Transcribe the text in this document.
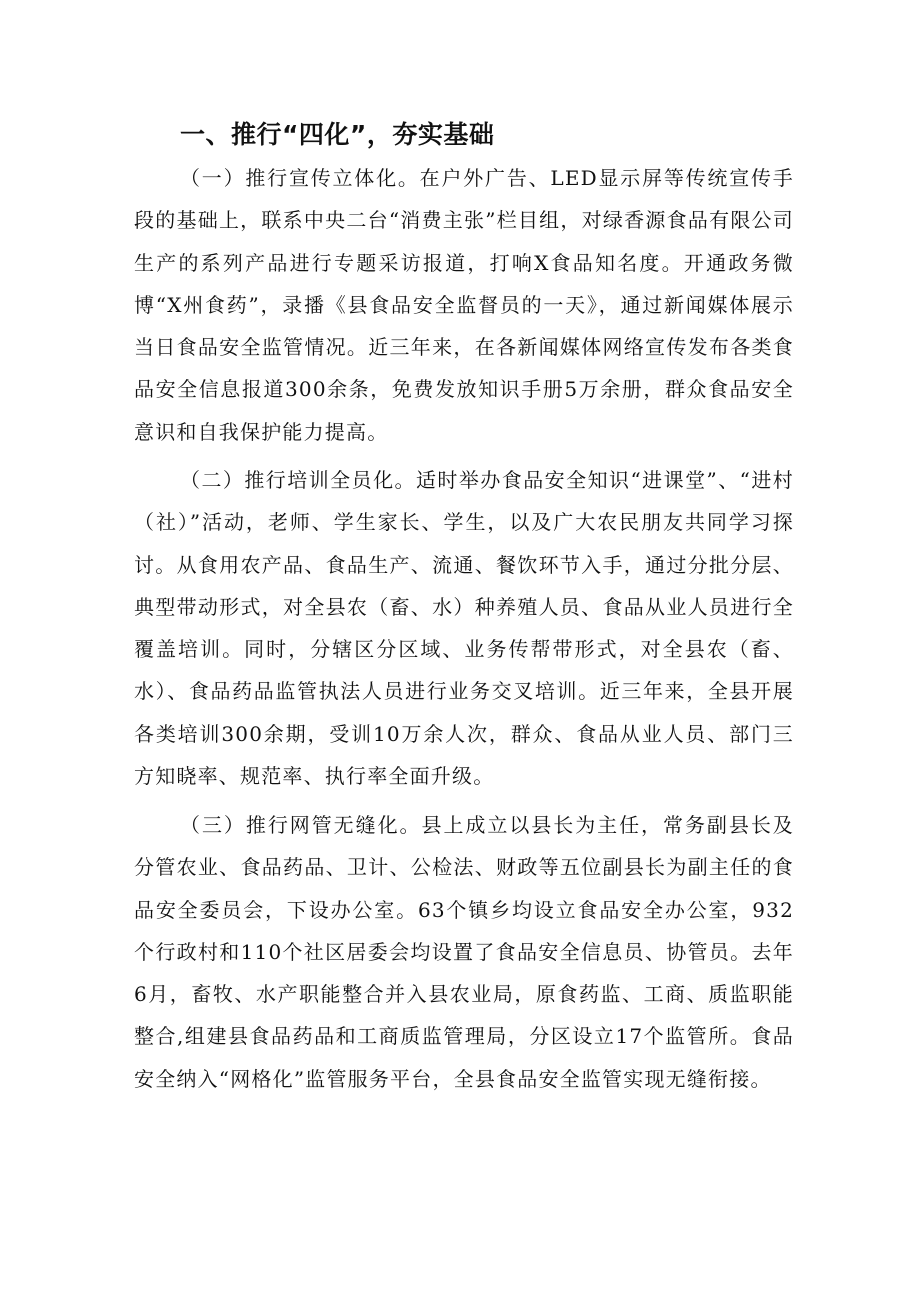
一、推行“四化”，夯实基础

（一）推行宣传立体化。在户外广告、LED显示屏等传统宣传手段的基础上，联系中央二台“消费主张”栏目组，对绿香源食品有限公司生产的系列产品进行专题采访报道，打响X食品知名度。开通政务微博“X州食药”，录播《县食品安全监督员的一天》，通过新闻媒体展示当日食品安全监管情况。近三年来，在各新闻媒体网络宣传发布各类食品安全信息报道300余条，免费发放知识手册5万余册，群众食品安全意识和自我保护能力提高。

（二）推行培训全员化。适时举办食品安全知识“进课堂”、“进村（社）”活动，老师、学生家长、学生，以及广大农民朋友共同学习探讨。从食用农产品、食品生产、流通、餐饮环节入手，通过分批分层、典型带动形式，对全县农（畜、水）种养殖人员、食品从业人员进行全覆盖培训。同时，分辖区分区域、业务传帮带形式，对全县农（畜、水）、食品药品监管执法人员进行业务交叉培训。近三年来，全县开展各类培训300余期，受训10万余人次，群众、食品从业人员、部门三方知晓率、规范率、执行率全面升级。

（三）推行网管无缝化。县上成立以县长为主任，常务副县长及分管农业、食品药品、卫计、公检法、财政等五位副县长为副主任的食品安全委员会，下设办公室。63个镇乡均设立食品安全办公室，932个行政村和110个社区居委会均设置了食品安全信息员、协管员。去年6月，畜牧、水产职能整合并入县农业局，原食药监、工商、质监职能整合,组建县食品药品和工商质监管理局，分区设立17个监管所。食品安全纳入“网格化”监管服务平台，全县食品安全监管实现无缝衔接。
